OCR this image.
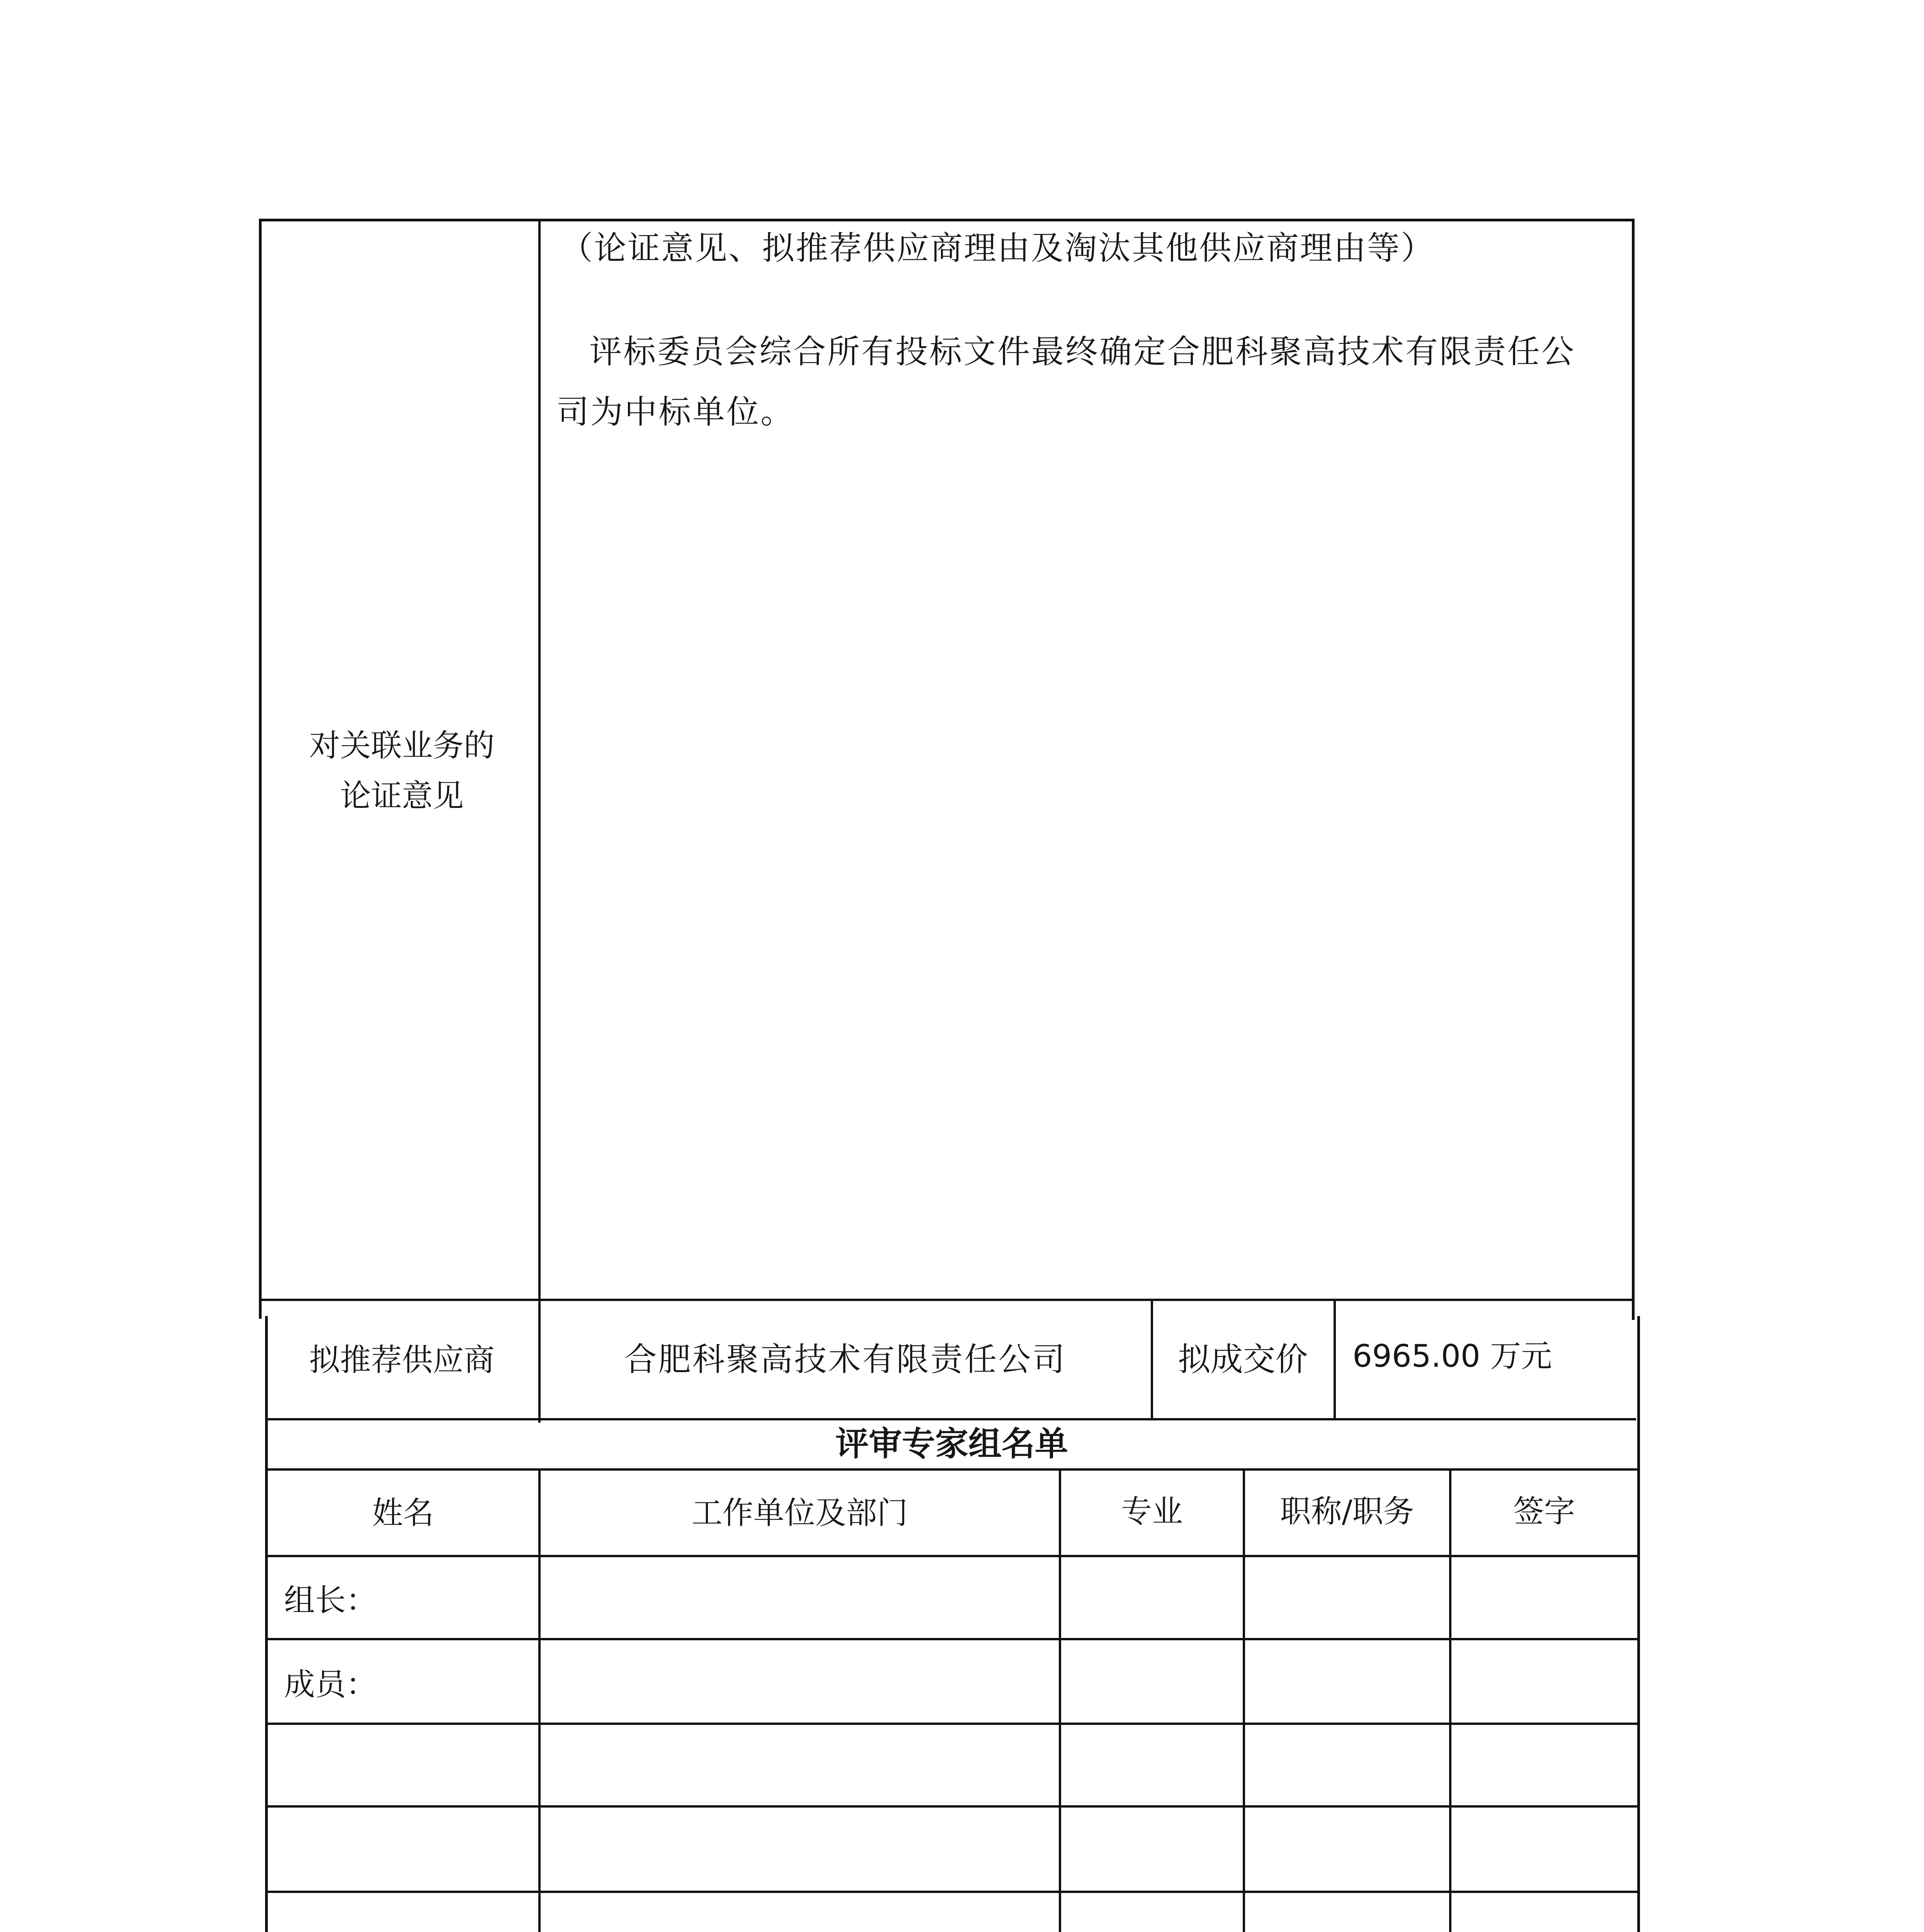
对关联业务的
论证意见
（论证意见、拟推荐供应商理由及淘汰其他供应商理由等）
评标委员会综合所有投标文件最终确定合肥科聚高技术有限责任公
司为中标单位。
拟推荐供应商	合肥科聚高技术有限责任公司	拟成交价	6965.00 万元
评审专家组名单
姓名	工作单位及部门	专业	职称/职务	签字
组长：
成员：
